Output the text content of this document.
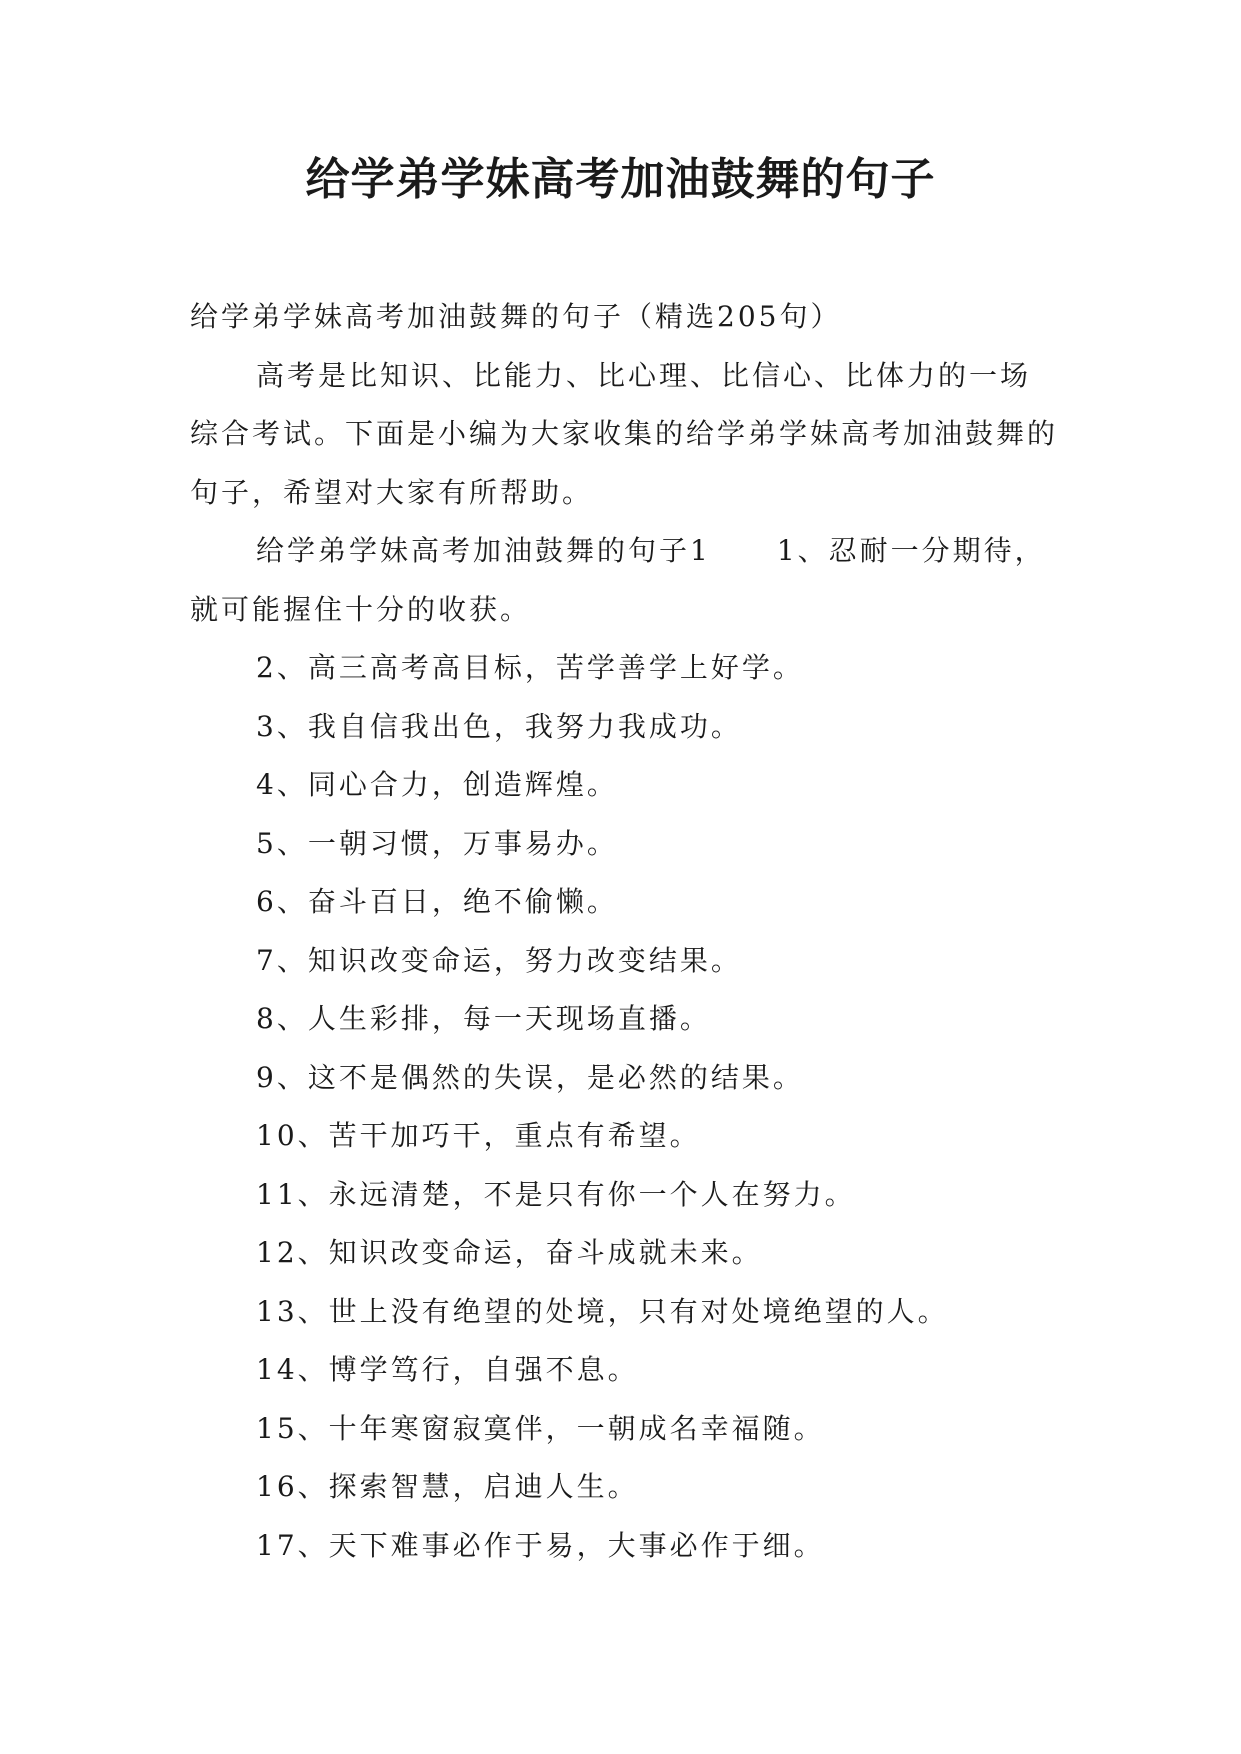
给学弟学妹高考加油鼓舞的句子

给学弟学妹高考加油鼓舞的句子（精选205句）

高考是比知识、比能力、比心理、比信心、比体力的一场综合考试。下面是小编为大家收集的给学弟学妹高考加油鼓舞的句子，希望对大家有所帮助。

给学弟学妹高考加油鼓舞的句子1 1、忍耐一分期待，就可能握住十分的收获。

2、高三高考高目标，苦学善学上好学。

3、我自信我出色，我努力我成功。

4、同心合力，创造辉煌。

5、一朝习惯，万事易办。

6、奋斗百日，绝不偷懒。

7、知识改变命运，努力改变结果。

8、人生彩排，每一天现场直播。

9、这不是偶然的失误，是必然的结果。

10、苦干加巧干，重点有希望。

11、永远清楚，不是只有你一个人在努力。

12、知识改变命运，奋斗成就未来。

13、世上没有绝望的处境，只有对处境绝望的人。

14、博学笃行，自强不息。

15、十年寒窗寂寞伴，一朝成名幸福随。

16、探索智慧，启迪人生。

17、天下难事必作于易，大事必作于细。
